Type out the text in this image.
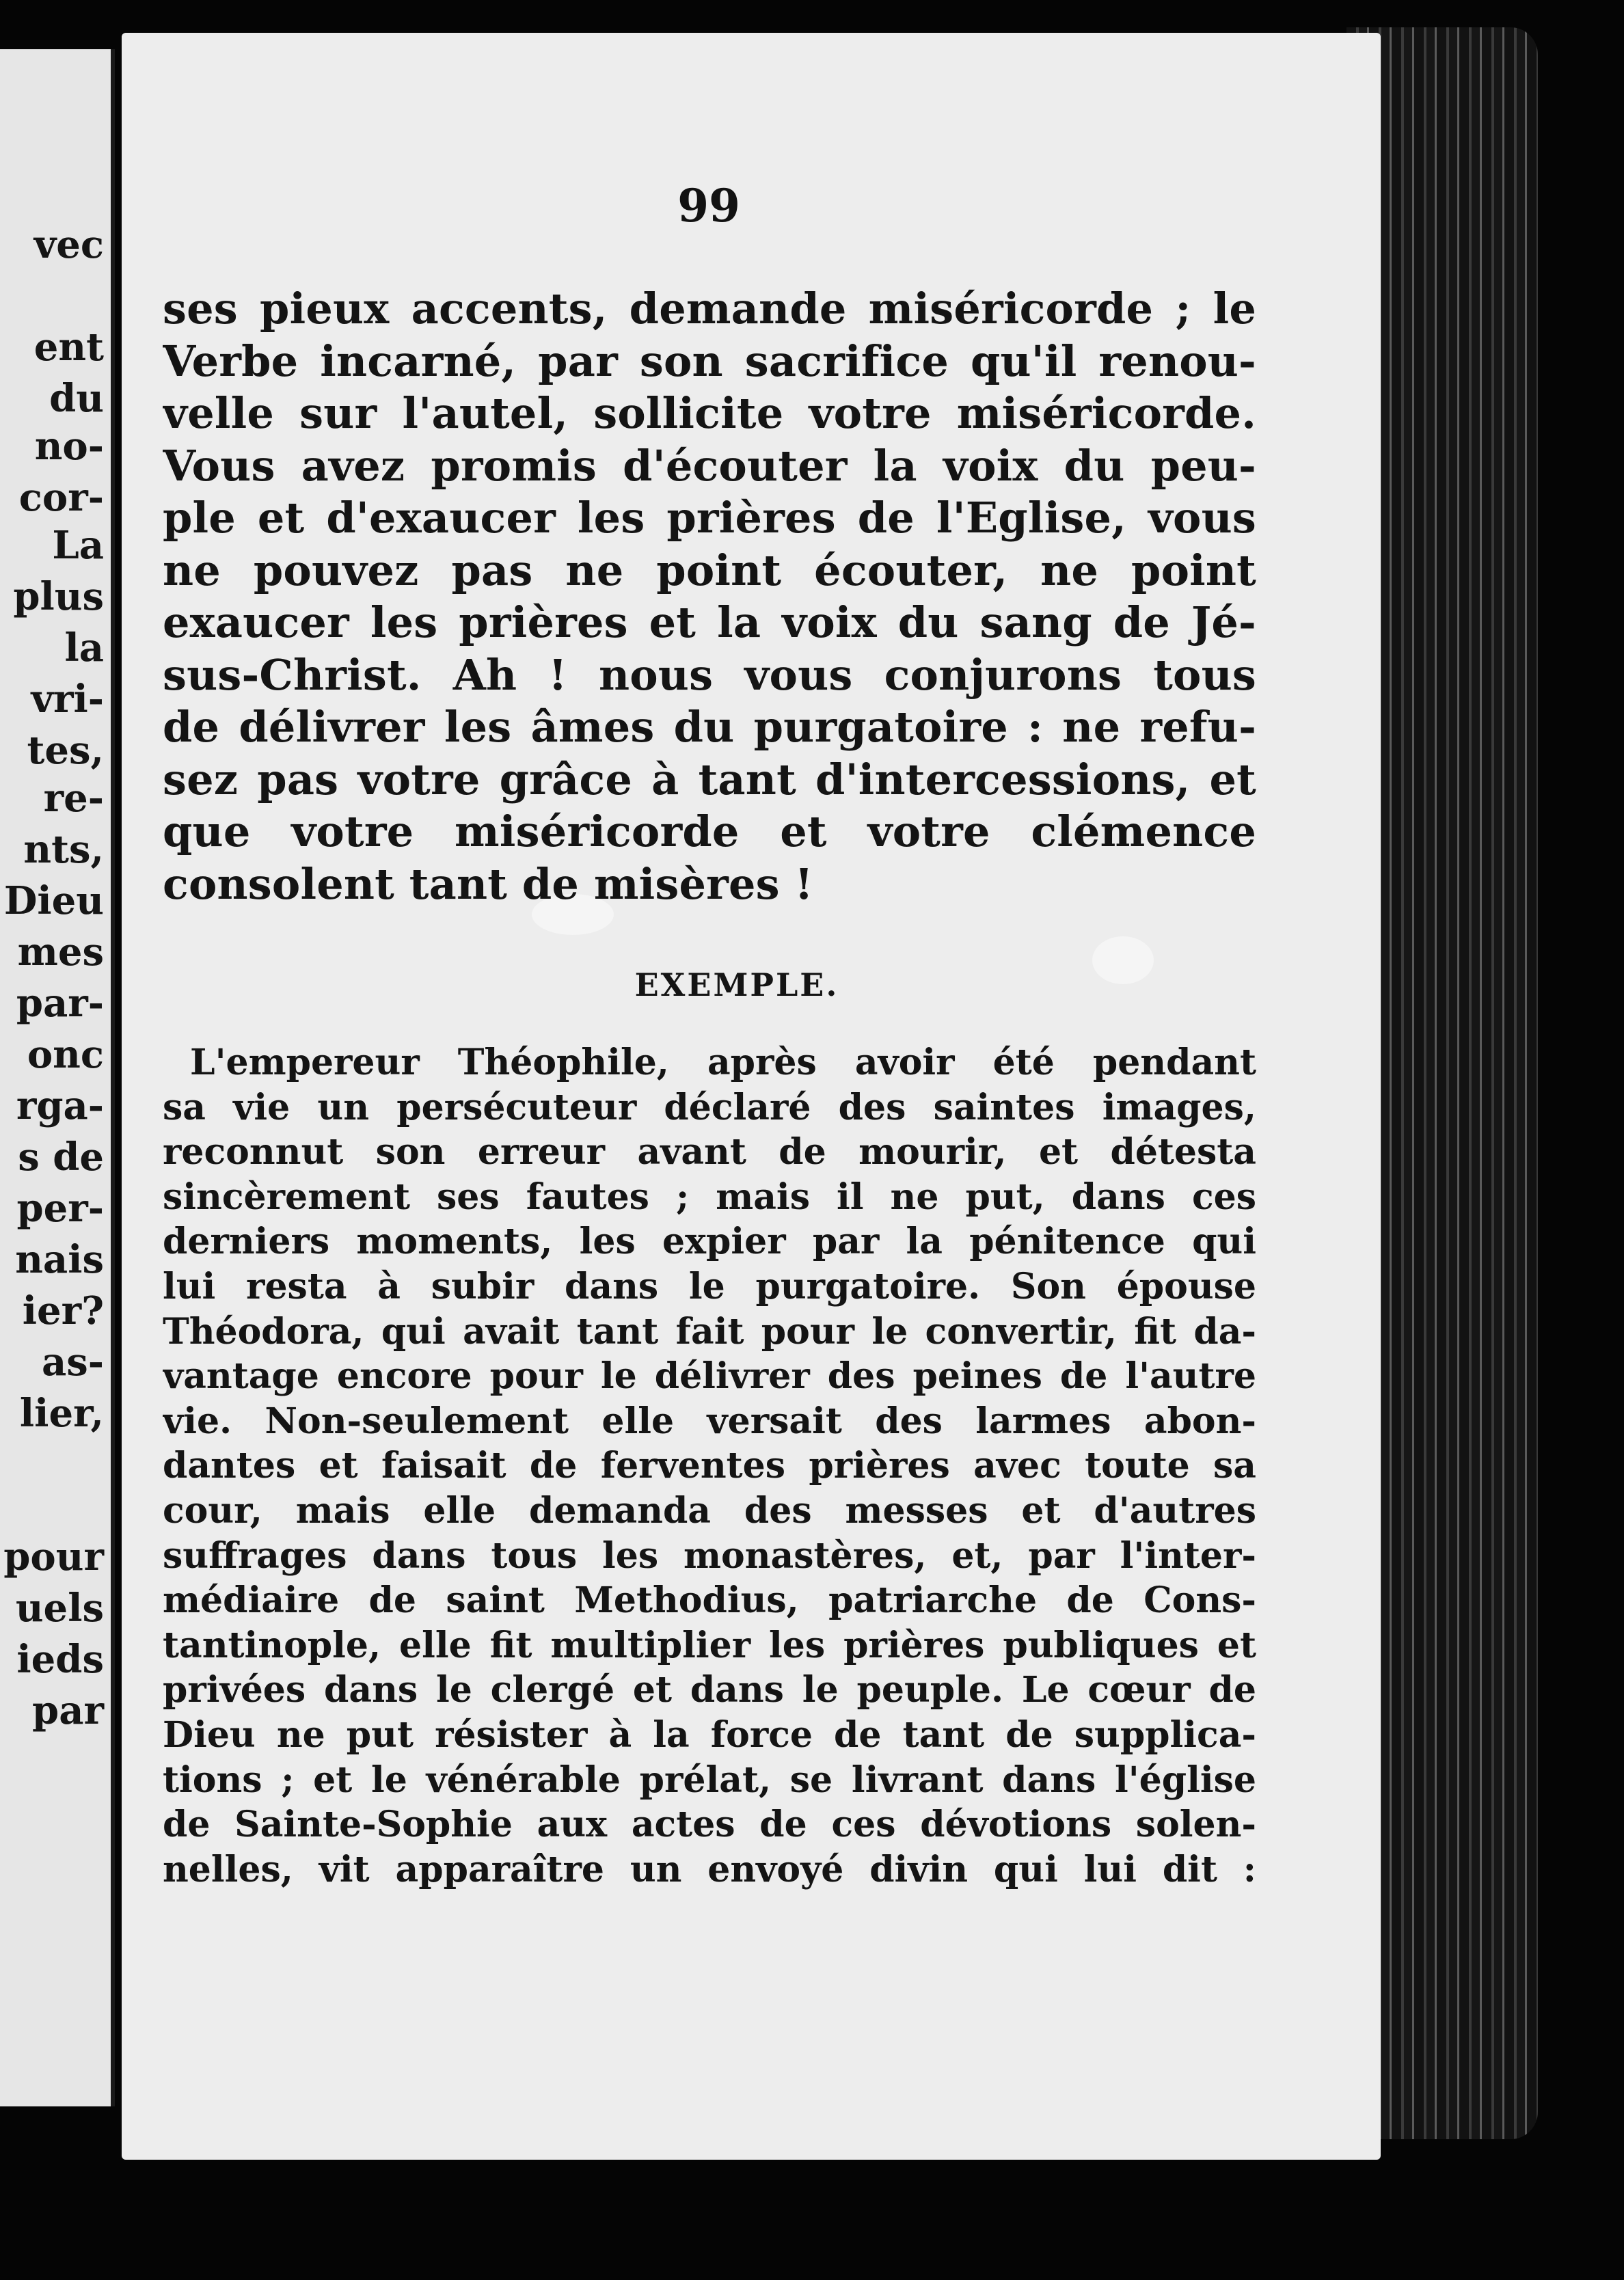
vec
ent
du
no-
cor-
La
plus
la
vri-
tes,
re-
nts,
Dieu
mes
par-
onc
rga-
s de
per-
nais
ier?
as-
lier,
pour
uels
ieds
par
99
ses pieux accents, demande miséricorde ; le
Verbe incarné, par son sacrifice qu'il renou-
velle sur l'autel, sollicite votre miséricorde.
Vous avez promis d'écouter la voix du peu-
ple et d'exaucer les prières de l'Eglise, vous
ne pouvez pas ne point écouter, ne point
exaucer les prières et la voix du sang de Jé-
sus-Christ. Ah ! nous vous conjurons tous
de délivrer les âmes du purgatoire : ne refu-
sez pas votre grâce à tant d'intercessions, et
que votre miséricorde et votre clémence
consolent tant de misères !
EXEMPLE.
L'empereur Théophile, après avoir été pendant
sa vie un persécuteur déclaré des saintes images,
reconnut son erreur avant de mourir, et détesta
sincèrement ses fautes ; mais il ne put, dans ces
derniers moments, les expier par la pénitence qui
lui resta à subir dans le purgatoire. Son épouse
Théodora, qui avait tant fait pour le convertir, fit da-
vantage encore pour le délivrer des peines de l'autre
vie. Non-seulement elle versait des larmes abon-
dantes et faisait de ferventes prières avec toute sa
cour, mais elle demanda des messes et d'autres
suffrages dans tous les monastères, et, par l'inter-
médiaire de saint Methodius, patriarche de Cons-
tantinople, elle fit multiplier les prières publiques et
privées dans le clergé et dans le peuple. Le cœur de
Dieu ne put résister à la force de tant de supplica-
tions ; et le vénérable prélat, se livrant dans l'église
de Sainte-Sophie aux actes de ces dévotions solen-
nelles, vit apparaître un envoyé divin qui lui dit :
